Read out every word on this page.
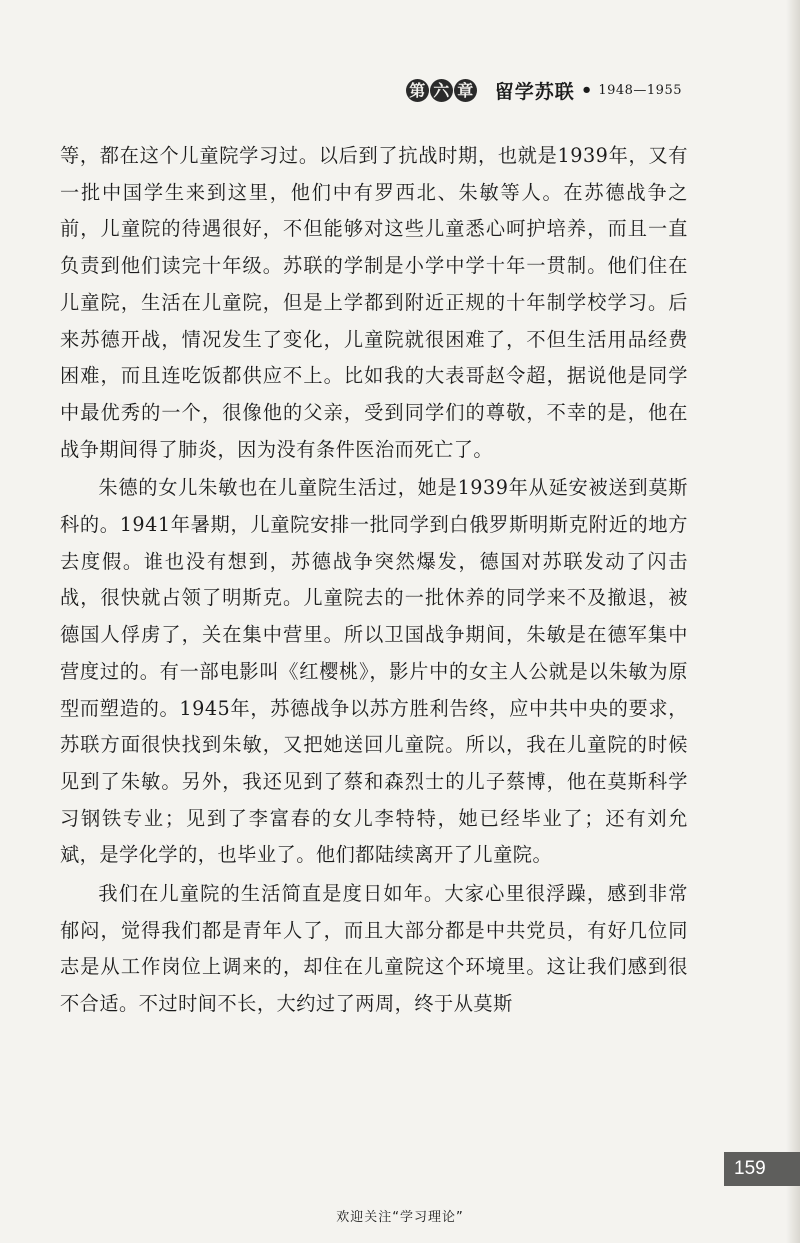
第 六 章 留学苏联 • 1948—1955

等，都在这个儿童院学习过。以后到了抗战时期，也就是1939年，又有一批中国学生来到这里，他们中有罗西北、朱敏等人。在苏德战争之前，儿童院的待遇很好，不但能够对这些儿童悉心呵护培养，而且一直负责到他们读完十年级。苏联的学制是小学中学十年一贯制。他们住在儿童院，生活在儿童院，但是上学都到附近正规的十年制学校学习。后来苏德开战，情况发生了变化，儿童院就很困难了，不但生活用品经费困难，而且连吃饭都供应不上。比如我的大表哥赵令超，据说他是同学中最优秀的一个，很像他的父亲，受到同学们的尊敬，不幸的是，他在战争期间得了肺炎，因为没有条件医治而死亡了。

朱德的女儿朱敏也在儿童院生活过，她是1939年从延安被送到莫斯科的。1941年暑期，儿童院安排一批同学到白俄罗斯明斯克附近的地方去度假。谁也没有想到，苏德战争突然爆发，德国对苏联发动了闪击战，很快就占领了明斯克。儿童院去的一批休养的同学来不及撤退，被德国人俘虏了，关在集中营里。所以卫国战争期间，朱敏是在德军集中营度过的。有一部电影叫《红樱桃》，影片中的女主人公就是以朱敏为原型而塑造的。1945年，苏德战争以苏方胜利告终，应中共中央的要求，苏联方面很快找到朱敏，又把她送回儿童院。所以，我在儿童院的时候见到了朱敏。另外，我还见到了蔡和森烈士的儿子蔡博，他在莫斯科学习钢铁专业；见到了李富春的女儿李特特，她已经毕业了；还有刘允斌，是学化学的，也毕业了。他们都陆续离开了儿童院。

我们在儿童院的生活简直是度日如年。大家心里很浮躁，感到非常郁闷，觉得我们都是青年人了，而且大部分都是中共党员，有好几位同志是从工作岗位上调来的，却住在儿童院这个环境里。这让我们感到很不合适。不过时间不长，大约过了两周，终于从莫斯

159
欢迎关注“学习理论”
